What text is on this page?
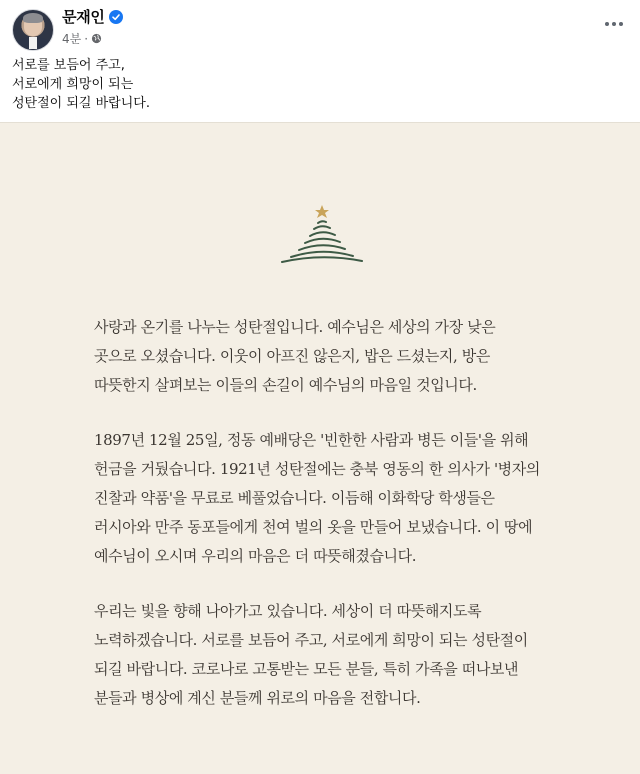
문재인
4분 ·
서로를 보듬어 주고,
서로에게 희망이 되는
성탄절이 되길 바랍니다.

사랑과 온기를 나누는 성탄절입니다. 예수님은 세상의 가장 낮은
곳으로 오셨습니다. 이웃이 아프진 않은지, 밥은 드셨는지, 방은
따뜻한지 살펴보는 이들의 손길이 예수님의 마음일 것입니다.

1897년 12월 25일, 정동 예배당은 '빈한한 사람과 병든 이들'을 위해
헌금을 거뒀습니다. 1921년 성탄절에는 충북 영동의 한 의사가 '병자의
진찰과 약품'을 무료로 베풀었습니다. 이듬해 이화학당 학생들은
러시아와 만주 동포들에게 천여 벌의 옷을 만들어 보냈습니다. 이 땅에
예수님이 오시며 우리의 마음은 더 따뜻해졌습니다.

우리는 빛을 향해 나아가고 있습니다. 세상이 더 따뜻해지도록
노력하겠습니다. 서로를 보듬어 주고, 서로에게 희망이 되는 성탄절이
되길 바랍니다. 코로나로 고통받는 모든 분들, 특히 가족을 떠나보낸
분들과 병상에 계신 분들께 위로의 마음을 전합니다.
